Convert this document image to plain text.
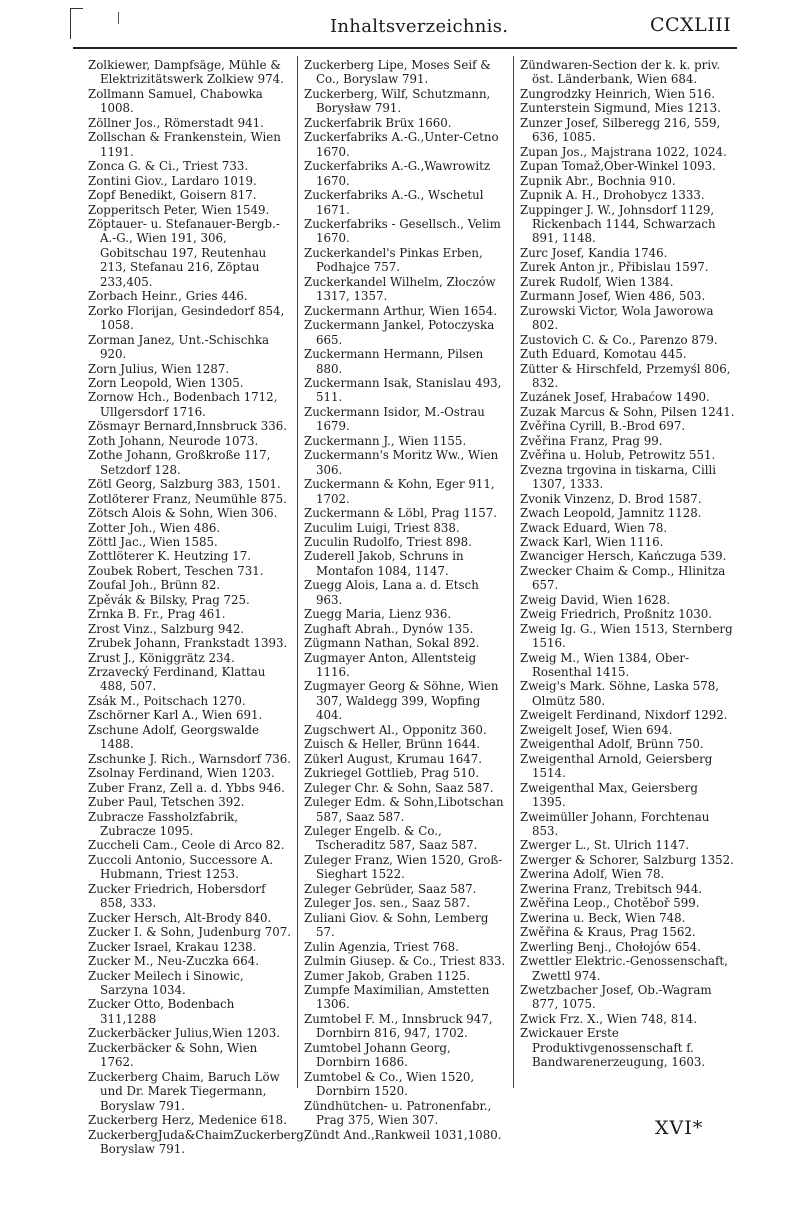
Inhaltsverzeichnis.	CCXLIII
Zolkiewer, Dampfsäge, Mühle & Elektrizitätswerk Zolkiew 974.
Zollmann Samuel, Chabowka 1008.
Zöllner Jos., Römerstadt 941.
Zollschan & Frankenstein, Wien 1191.
Zonca G. & Ci., Triest 733.
Zontini Giov., Lardaro 1019.
Zopf Benedikt, Goisern 817.
Zopperitsch Peter, Wien 1549.
Zöptauer- u. Stefanauer-Bergb.-A.-G., Wien 191, 306, Gobitschau 197, Reutenhau 213, Stefanau 216, Zöptau 233,405.
Zorbach Heinr., Gries 446.
Zorko Florijan, Gesindedorf 854, 1058.
Zorman Janez, Unt.-Schischka 920.
Zorn Julius, Wien 1287.
Zorn Leopold, Wien 1305.
Zornow Hch., Bodenbach 1712, Ullgersdorf 1716.
Zösmayr Bernard,Innsbruck 336.
Zoth Johann, Neurode 1073.
Zothe Johann, Großkroße 117, Setzdorf 128.
Zötl Georg, Salzburg 383, 1501.
Zotlöterer Franz, Neumühle 875.
Zötsch Alois & Sohn, Wien 306.
Zotter Joh., Wien 486.
Zöttl Jac., Wien 1585.
Zottlöterer K. Heutzing 17.
Zoubek Robert, Teschen 731.
Zoufal Joh., Brünn 82.
Zpěvák & Bilsky, Prag 725.
Zrnka B. Fr., Prag 461.
Zrost Vinz., Salzburg 942.
Zrubek Johann, Frankstadt 1393.
Zrust J., Königgrätz 234.
Zrzavecký Ferdinand, Klattau 488, 507.
Zsák M., Poitschach 1270.
Zschörner Karl A., Wien 691.
Zschune Adolf, Georgswalde 1488.
Zschunke J. Rich., Warnsdorf 736.
Zsolnay Ferdinand, Wien 1203.
Zuber Franz, Zell a. d. Ybbs 946.
Zuber Paul, Tetschen 392.
Zubracze Fassholzfabrik, Zubracze 1095.
Zuccheli Cam., Ceole di Arco 82.
Zuccoli Antonio, Successore A. Hubmann, Triest 1253.
Zucker Friedrich, Hobersdorf 858, 333.
Zucker Hersch, Alt-Brody 840.
Zucker I. & Sohn, Judenburg 707.
Zucker Israel, Krakau 1238.
Zucker M., Neu-Zuczka 664.
Zucker Meilech i Sinowic, Sarzyna 1034.
Zucker Otto, Bodenbach 311,1288
Zuckerbäcker Julius,Wien 1203.
Zuckerbäcker & Sohn, Wien 1762.
Zuckerberg Chaim, Baruch Löw und Dr. Marek Tiegermann, Boryslaw 791.
Zuckerberg Herz, Medenice 618.
ZuckerbergJuda&ChaimZuckerberg, Boryslaw 791.
Zuckerberg Lipe, Moses Seif & Co., Boryslaw 791.
Zuckerberg, Wilf, Schutzmann, Borysław 791.
Zuckerfabrik Brüx 1660.
Zuckerfabriks A.-G.,Unter-Cetno 1670.
Zuckerfabriks A.-G.,Wawrowitz 1670.
Zuckerfabriks A.-G., Wschetul 1671.
Zuckerfabriks - Gesellsch., Velim 1670.
Zuckerkandel's Pinkas Erben, Podhajce 757.
Zuckerkandel Wilhelm, Złoczów 1317, 1357.
Zuckermann Arthur, Wien 1654.
Zuckermann Jankel, Potoczyska 665.
Zuckermann Hermann, Pilsen 880.
Zuckermann Isak, Stanislau 493, 511.
Zuckermann Isidor, M.-Ostrau 1679.
Zuckermann J., Wien 1155.
Zuckermann's Moritz Ww., Wien 306.
Zuckermann & Kohn, Eger 911, 1702.
Zuckermann & Löbl, Prag 1157.
Zuculim Luigi, Triest 838.
Zuculin Rudolfo, Triest 898.
Zuderell Jakob, Schruns in Montafon 1084, 1147.
Zuegg Alois, Lana a. d. Etsch 963.
Zuegg Maria, Lienz 936.
Zughaft Abrah., Dynów 135.
Zügmann Nathan, Sokal 892.
Zugmayer Anton, Allentsteig 1116.
Zugmayer Georg & Söhne, Wien 307, Waldegg 399, Wopfing 404.
Zugschwert Al., Opponitz 360.
Zuisch & Heller, Brünn 1644.
Zükerl August, Krumau 1647.
Zukriegel Gottlieb, Prag 510.
Zuleger Chr. & Sohn, Saaz 587.
Zuleger Edm. & Sohn,Libotschan 587, Saaz 587.
Zuleger Engelb. & Co., Tscheraditz 587, Saaz 587.
Zuleger Franz, Wien 1520, Groß-Sieghart 1522.
Zuleger Gebrüder, Saaz 587.
Zuleger Jos. sen., Saaz 587.
Zuliani Giov. & Sohn, Lemberg 57.
Zulin Agenzia, Triest 768.
Zulmin Giusep. & Co., Triest 833.
Zumer Jakob, Graben 1125.
Zumpfe Maximilian, Amstetten 1306.
Zumtobel F. M., Innsbruck 947, Dornbirn 816, 947, 1702.
Zumtobel Johann Georg, Dornbirn 1686.
Zumtobel & Co., Wien 1520, Dornbirn 1520.
Zündhütchen- u. Patronenfabr., Prag 375, Wien 307.
Zündt And.,Rankweil 1031,1080.
Zündwaren-Section der k. k. priv. öst. Länderbank, Wien 684.
Zungrodzky Heinrich, Wien 516.
Zunterstein Sigmund, Mies 1213.
Zunzer Josef, Silberegg 216, 559, 636, 1085.
Zupan Jos., Majstrana 1022, 1024.
Zupan Tomaž,Ober-Winkel 1093.
Zupnik Abr., Bochnia 910.
Zupnik A. H., Drohobycz 1333.
Zuppinger J. W., Johnsdorf 1129, Rickenbach 1144, Schwarzach 891, 1148.
Zurc Josef, Kandia 1746.
Zurek Anton jr., Přibislau 1597.
Zurek Rudolf, Wien 1384.
Zurmann Josef, Wien 486, 503.
Zurowski Victor, Wola Jaworowa 802.
Zustovich C. & Co., Parenzo 879.
Zuth Eduard, Komotau 445.
Zütter & Hirschfeld, Przemyśl 806, 832.
Zuzánek Josef, Hrabaćow 1490.
Zuzak Marcus & Sohn, Pilsen 1241.
Zvěřina Cyrill, B.-Brod 697.
Zvěřina Franz, Prag 99.
Zvěřina u. Holub, Petrowitz 551.
Zvezna trgovina in tiskarna, Cilli 1307, 1333.
Zvonik Vinzenz, D. Brod 1587.
Zwach Leopold, Jamnitz 1128.
Zwack Eduard, Wien 78.
Zwack Karl, Wien 1116.
Zwanciger Hersch, Kańczuga 539.
Zwecker Chaim & Comp., Hlinitza 657.
Zweig David, Wien 1628.
Zweig Friedrich, Proßnitz 1030.
Zweig Ig. G., Wien 1513, Sternberg 1516.
Zweig M., Wien 1384, Ober-Rosenthal 1415.
Zweig's Mark. Söhne, Laska 578, Olmütz 580.
Zweigelt Ferdinand, Nixdorf 1292.
Zweigelt Josef, Wien 694.
Zweigenthal Adolf, Brünn 750.
Zweigenthal Arnold, Geiersberg 1514.
Zweigenthal Max, Geiersberg 1395.
Zweimüller Johann, Forchtenau 853.
Zwerger L., St. Ulrich 1147.
Zwerger & Schorer, Salzburg 1352.
Zwerina Adolf, Wien 78.
Zwerina Franz, Trebitsch 944.
Zwěřina Leop., Chotěboř 599.
Zwerina u. Beck, Wien 748.
Zwěřina & Kraus, Prag 1562.
Zwerling Benj., Chołojów 654.
Zwettler Elektric.-Genossenschaft, Zwettl 974.
Zwetzbacher Josef, Ob.-Wagram 877, 1075.
Zwick Frz. X., Wien 748, 814.
Zwickauer Erste Produktivgenossenschaft f. Bandwarenerzeugung, 1603.
XVI*
